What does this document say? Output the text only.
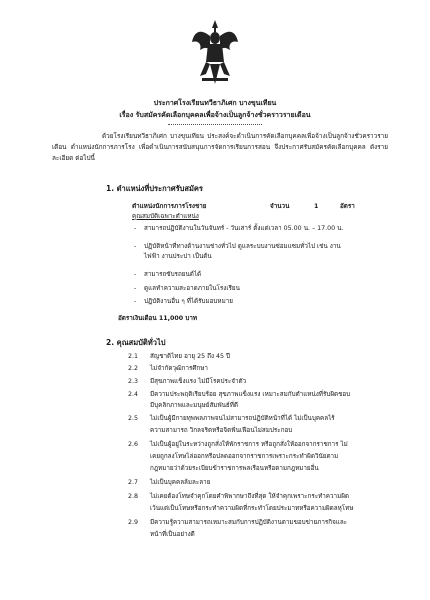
ประกาศโรงเรียนทวีธาภิเศก บางขุนเทียน
เรื่อง รับสมัครคัดเลือกบุคคลเพื่อจ้างเป็นลูกจ้างชั่วคราวรายเดือน
ด้วยโรงเรียนทวีธาภิเศก บางขุนเทียน ประสงค์จะดำเนินการคัดเลือกบุคคลเพื่อจ้างเป็นลูกจ้างชั่วคราวรายเดือน ตำแหน่งนักการภารโรง เพื่อดำเนินการสนับสนุนการจัดการเรียนการสอน จึงประกาศรับสมัครคัดเลือกบุคคล ดังรายละเอียด ต่อไปนี้
1. ตำแหน่งที่ประกาศรับสมัคร
ตำแหน่งนักการภารโรงชาย	จำนวน	1	อัตรา
คุณสมบัติเฉพาะตำแหน่ง
- สามารถปฏิบัติงานในวันจันทร์ - วันเสาร์ ตั้งแต่เวลา 05.00 น. – 17.00 น.
- ปฏิบัติหน้าที่ทางด้านงานช่างทั่วไป ดูแลระบบงานซ่อมแซมทั่วไป เช่น งาน
ไฟฟ้า งานประปา เป็นต้น
- สามารถขับรถยนต์ได้
- ดูแลทำความสะอาดภายในโรงเรียน
- ปฏิบัติงานอื่น ๆ ที่ได้รับมอบหมาย
อัตราเงินเดือน 11,000 บาท
2. คุณสมบัติทั่วไป
2.1 สัญชาติไทย อายุ 25 ถึง 45 ปี
2.2 ไม่จำกัดวุฒิการศึกษา
2.3 มีสุขภาพแข็งแรง ไม่มีโรคประจำตัว
2.4 มีความประพฤติเรียบร้อย สุขภาพแข็งแรง เหมาะสมกับตำแหน่งที่รับผิดชอบ
มีบุคลิกภาพและมนุษย์สัมพันธ์ที่ดี
2.5 ไม่เป็นผู้มีกายทุพพลภาพจนไม่สามารถปฏิบัติหน้าที่ได้ ไม่เป็นบุคคลไร้
ความสามารถ วิกลจริตหรือจิตฟั่นเฟือนไม่สมประกอบ
2.6 ไม่เป็นผู้อยู่ในระหว่างถูกสั่งให้พักราชการ หรือถูกสั่งให้ออกจากราชการ ไม่
เคยถูกลงโทษไล่ออกหรือปลดออกจากราชการเพราะกระทำผิดวินัยตาม
กฎหมายว่าด้วยระเบียบข้าราชการพลเรือนหรือตามกฎหมายอื่น
2.7 ไม่เป็นบุคคลล้มละลาย
2.8 ไม่เคยต้องโทษจำคุกโดยคำพิพากษาถึงที่สุด ให้จำคุกเพราะกระทำความผิด
เว้นแต่เป็นโทษหรือกระทำความผิดที่กระทำโดยประมาทหรือความผิดลหุโทษ
2.9 มีความรู้ความสามารถเหมาะสมกับการปฏิบัติงานตามขอบข่ายภารกิจและ
หน้าที่เป็นอย่างดี
